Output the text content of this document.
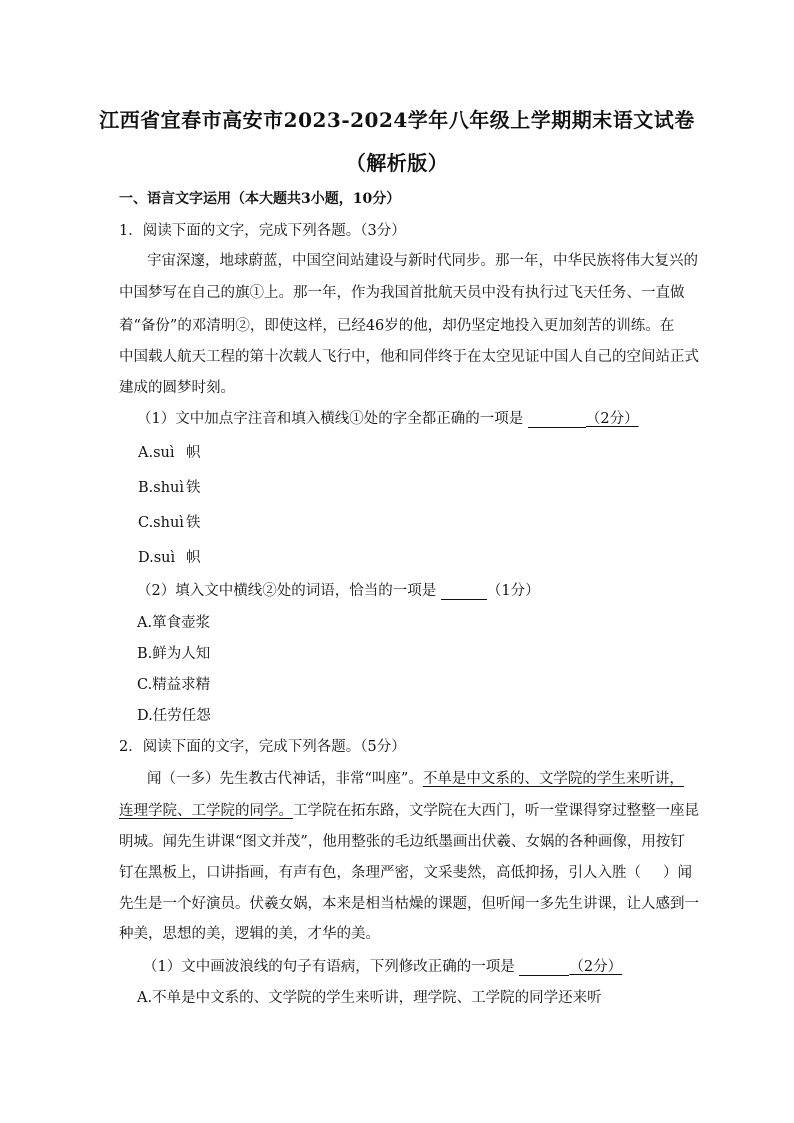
江西省宜春市高安市2023-2024学年八年级上学期期末语文试卷
（解析版）
一、语言文字运用（本大题共3小题，10分）
1．阅读下面的文字，完成下列各题。（3分）
宇宙深邃，地球蔚蓝，中国空间站建设与新时代同步。那一年，中华民族将伟大复兴的
中国梦写在自己的旗①上。那一年，作为我国首批航天员中没有执行过飞天任务、一直做
着“备份”的邓清明②，即使这样，已经46岁的他，却仍坚定地投入更加刻苦的训练。在
中国载人航天工程的第十次载人飞行中，他和同伴终于在太空见证中国人自己的空间站正式
建成的圆梦时刻。
（1）文中加点字注音和填入横线①处的字全都正确的一项是	（2分）
A.suì 帜
B.shuì 铁
C.shuì 铁
D.suì 帜
（2）填入文中横线②处的词语，恰当的一项是	（1分）
A.箪食壶浆
B.鲜为人知
C.精益求精
D.任劳任怨
2．阅读下面的文字，完成下列各题。（5分）
闻（一多）先生教古代神话，非常“叫座”。不单是中文系的、文学院的学生来听讲，
连理学院、工学院的同学。工学院在拓东路，文学院在大西门，听一堂课得穿过整整一座昆
明城。闻先生讲课“图文并茂”，他用整张的毛边纸墨画出伏羲、女娲的各种画像，用按钉
钉在黑板上，口讲指画，有声有色，条理严密，文采斐然，高低抑扬，引人入胜（ ）闻
先生是一个好演员。伏羲女娲，本来是相当枯燥的课题，但听闻一多先生讲课，让人感到一
种美，思想的美，逻辑的美，才华的美。
（1）文中画波浪线的句子有语病，下列修改正确的一项是	（2分）
A.不单是中文系的、文学院的学生来听讲，理学院、工学院的同学还来听
